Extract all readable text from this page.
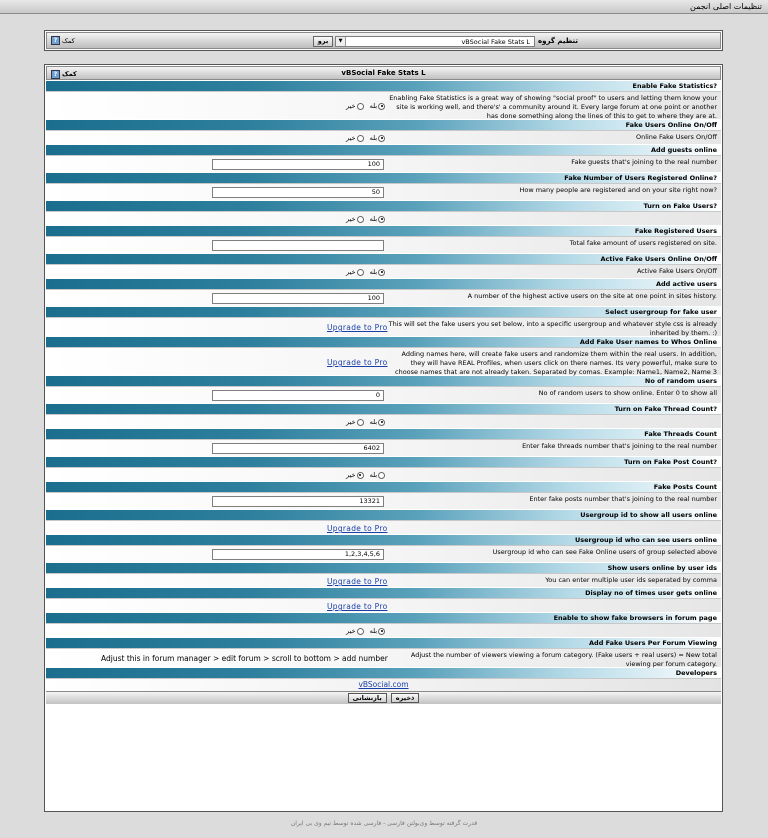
تنظیمات اصلی انجمن
? کمک	برو	▼	vBSocial Fake Stats L تنظیم گروه
? کمک	vBSocial Fake Stats L
Enable Fake Statistics?
Enabling Fake Statistics is a great way of showing "social proof" to users and letting them know your site is working well, and there's' a community around it. Every large forum at one point or another has done something along the lines of this to get to where they are at.
بله
خیر
Fake Users Online On/Off
Online Fake Users On/Off
بله
خیر
Add guests online
Fake guests that's joining to the real number
100
Fake Number of Users Registered Online?
How many people are registered and on your site right now?
50
Turn on Fake Users?
بله
خیر
Fake Registered Users
Total fake amount of users registered on site.
Active Fake Users Online On/Off
Active Fake Users On/Off
بله
خیر
Add active users
A number of the highest active users on the site at one point in sites history.
100
Select usergroup for fake user
This will set the fake users you set below, into a specific usergroup and whatever style css is already inherited by them. :)
Upgrade to Pro
Add Fake User names to Whos Online
Adding names here, will create fake users and randomize them within the real users. In addition, they will have REAL Profiles, when users click on there names. Its very powerful, make sure to choose names that are not already taken. Separated by comas. Example: Name1, Name2, Name 3
Upgrade to Pro
No of random users
No of random users to show online. Enter 0 to show all
0
Turn on Fake Thread Count?
بله
خیر
Fake Threads Count
Enter fake threads number that's joining to the real number
6402
Turn on Fake Post Count?
بله
خیر
Fake Posts Count
Enter fake posts number that's joining to the real number
13321
Usergroup id to show all users online
Upgrade to Pro
Usergroup id who can see users online
Usergroup id who can see Fake Online users of group selected above
1,2,3,4,5,6
Show users online by user ids
You can enter multiple user ids seperated by comma
Upgrade to Pro
Display no of times user gets online
Upgrade to Pro
Enable to show fake browsers in forum page
بله
خیر
Add Fake Users Per Forum Viewing
Adjust the number of viewers viewing a forum category. (Fake users + real users) = New total viewing per forum category.
Adjust this in forum manager > edit forum > scroll to bottom > add number
Developers
vBSocial.com
بازنشانی	ذخیره
قدرت گرفته توسط وی‌بولتن فارسی - فارسی شده توسط تیم وی بی ایران
